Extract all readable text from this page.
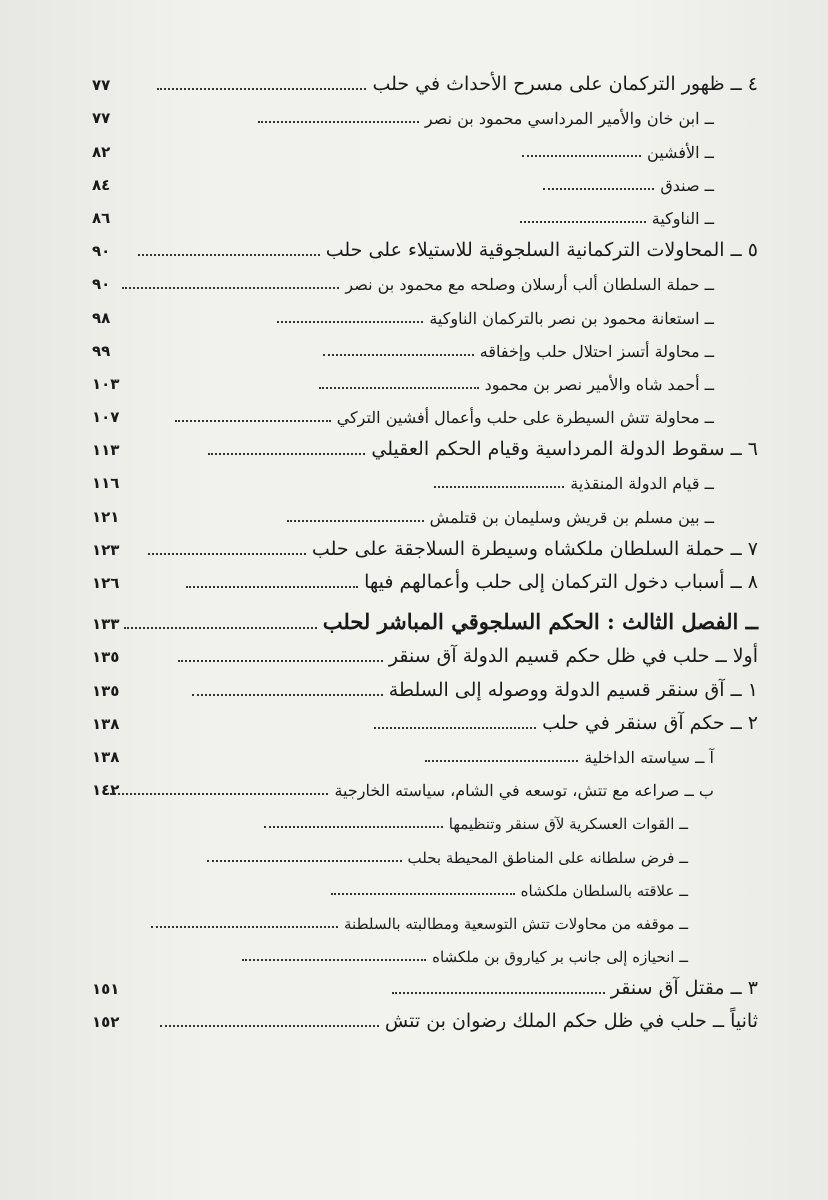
٤ ــ ظهور التركمان على مسرح الأحداث في حلب
٧٧
ــ ابن خان والأمير المرداسي محمود بن نصر
٧٧
ــ الأفشين
٨٢
ــ صندق
٨٤
ــ الناوكية
٨٦
٥ ــ المحاولات التركمانية السلجوقية للاستيلاء على حلب
٩٠
ــ حملة السلطان ألب أرسلان وصلحه مع محمود بن نصر
٩٠
ــ استعانة محمود بن نصر بالتركمان الناوكية
٩٨
ــ محاولة أتسز احتلال حلب وإخفاقه
٩٩
ــ أحمد شاه والأمير نصر بن محمود
١٠٣
ــ محاولة تتش السيطرة على حلب وأعمال أفشين التركي
١٠٧
٦ ــ سقوط الدولة المرداسية وقيام الحكم العقيلي
١١٣
ــ قيام الدولة المنقذية
١١٦
ــ بين مسلم بن قريش وسليمان بن قتلمش
١٢١
٧ ــ حملة السلطان ملكشاه وسيطرة السلاجقة على حلب
١٢٣
٨ ــ أسباب دخول التركمان إلى حلب وأعمالهم فيها
١٢٦
ــ الفصل الثالث : الحكم السلجوقي المباشر لحلب
١٣٣
أولا ــ حلب في ظل حكم قسيم الدولة آق سنقر
١٣٥
١ ــ آق سنقر قسيم الدولة ووصوله إلى السلطة
١٣٥
٢ ــ حكم آق سنقر في حلب
١٣٨
آ ــ سياسته الداخلية
١٣٨
ب ــ صراعه مع تتش، توسعه في الشام، سياسته الخارجية
١٤٢
ــ القوات العسكرية لآق سنقر وتنظيمها
ــ فرض سلطانه على المناطق المحيطة بحلب
ــ علاقته بالسلطان ملكشاه
ــ موقفه من محاولات تتش التوسعية ومطالبته بالسلطنة
ــ انحيازه إلى جانب بر كياروق بن ملكشاه
٣ ــ مقتل آق سنقر
١٥١
ثانياً ــ حلب في ظل حكم الملك رضوان بن تتش
١٥٢
